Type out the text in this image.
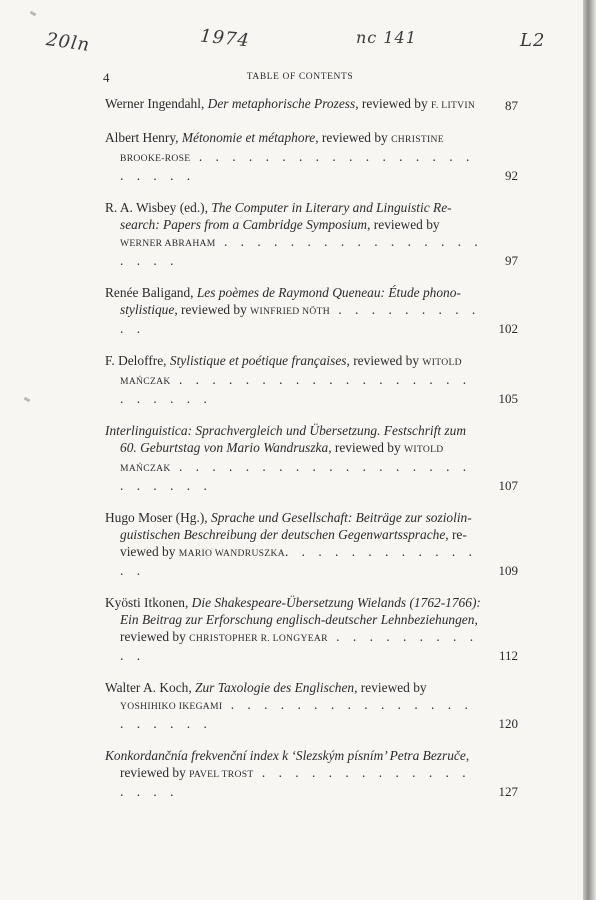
20ln	1974	nc 141	L2
4	TABLE OF CONTENTS
Werner Ingendahl, Der metaphorische Prozess, reviewed by F. LITVIN	87
Albert Henry, Métonomie et métaphore, reviewed by CHRISTINE
BROOKE-ROSE . . . . . . . . . . . . . . . . . . . . . .	92
R. A. Wisbey (ed.), The Computer in Literary and Linguistic Re-
search: Papers from a Cambridge Symposium, reviewed by
WERNER ABRAHAM . . . . . . . . . . . . . . . . . . . .	97
Renée Baligand, Les poèmes de Raymond Queneau: Étude phono-
stylistique, reviewed by WINFRIED NÖTH . . . . . . . . . . .	102
F. Deloffre, Stylistique et poétique françaises, reviewed by WITOLD
MAŃCZAK . . . . . . . . . . . . . . . . . . . . . . . .	105
Interlinguistica: Sprachvergleich und Übersetzung. Festschrift zum
60. Geburtstag von Mario Wandruszka, reviewed by WITOLD
MAŃCZAK . . . . . . . . . . . . . . . . . . . . . . . .	107
Hugo Moser (Hg.), Sprache und Gesellschaft: Beiträge zur soziolin-
guistischen Beschreibung der deutschen Gegenwartssprache, re-
viewed by MARIO WANDRUSZKA. . . . . . . . . . . . . .	109
Kyösti Itkonen, Die Shakespeare-Übersetzung Wielands (1762-1766):
Ein Beitrag zur Erforschung englisch-deutscher Lehnbeziehungen,
reviewed by CHRISTOPHER R. LONGYEAR . . . . . . . . . . .	112
Walter A. Koch, Zur Taxologie des Englischen, reviewed by
YOSHIHIKO IKEGAMI . . . . . . . . . . . . . . . . . . . . .	120
Konkordančnía frekvenční index k ‘Slezským písním’ Petra Bezruče,
reviewed by PAVEL TROST . . . . . . . . . . . . . . . . .	127
